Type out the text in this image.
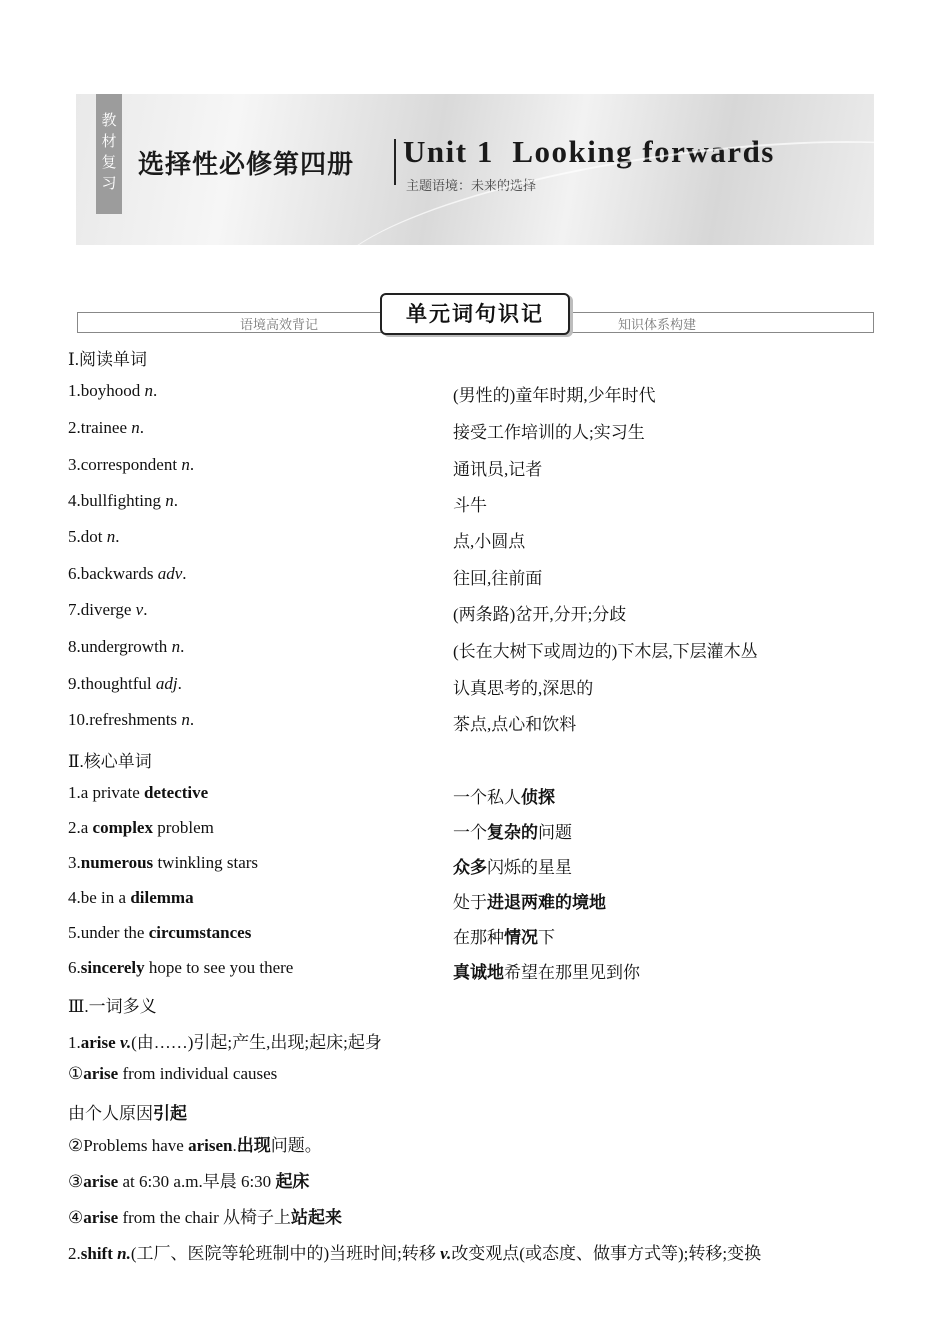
教材复习 选择性必修第四册 Unit 1  Looking forwards
主题语境：未来的选择
语境高效背记	知识体系构建
单元词句识记
Ⅰ.阅读单词
1.boyhood n.	(男性的)童年时期,少年时代
2.trainee n.	接受工作培训的人;实习生
3.correspondent n.	通讯员,记者
4.bullfighting n.	斗牛
5.dot n.	点,小圆点
6.backwards adv.	往回,往前面
7.diverge v.	(两条路)岔开,分开;分歧
8.undergrowth n.	(长在大树下或周边的)下木层,下层灌木丛
9.thoughtful adj.	认真思考的,深思的
10.refreshments n.	茶点,点心和饮料
Ⅱ.核心单词
1.a private detective	一个私人侦探
2.a complex problem	一个复杂的问题
3.numerous twinkling stars	众多闪烁的星星
4.be in a dilemma	处于进退两难的境地
5.under the circumstances	在那种情况下
6.sincerely hope to see you there	真诚地希望在那里见到你
Ⅲ.一词多义
1.arise v.(由……)引起;产生,出现;起床;起身
①arise from individual causes
由个人原因引起
②Problems have arisen.出现问题。
③arise at 6:30 a.m.早晨 6:30 起床
④arise from the chair 从椅子上站起来
2.shift n.(工厂、医院等轮班制中的)当班时间;转移 v.改变观点(或态度、做事方式等);转移;变换
